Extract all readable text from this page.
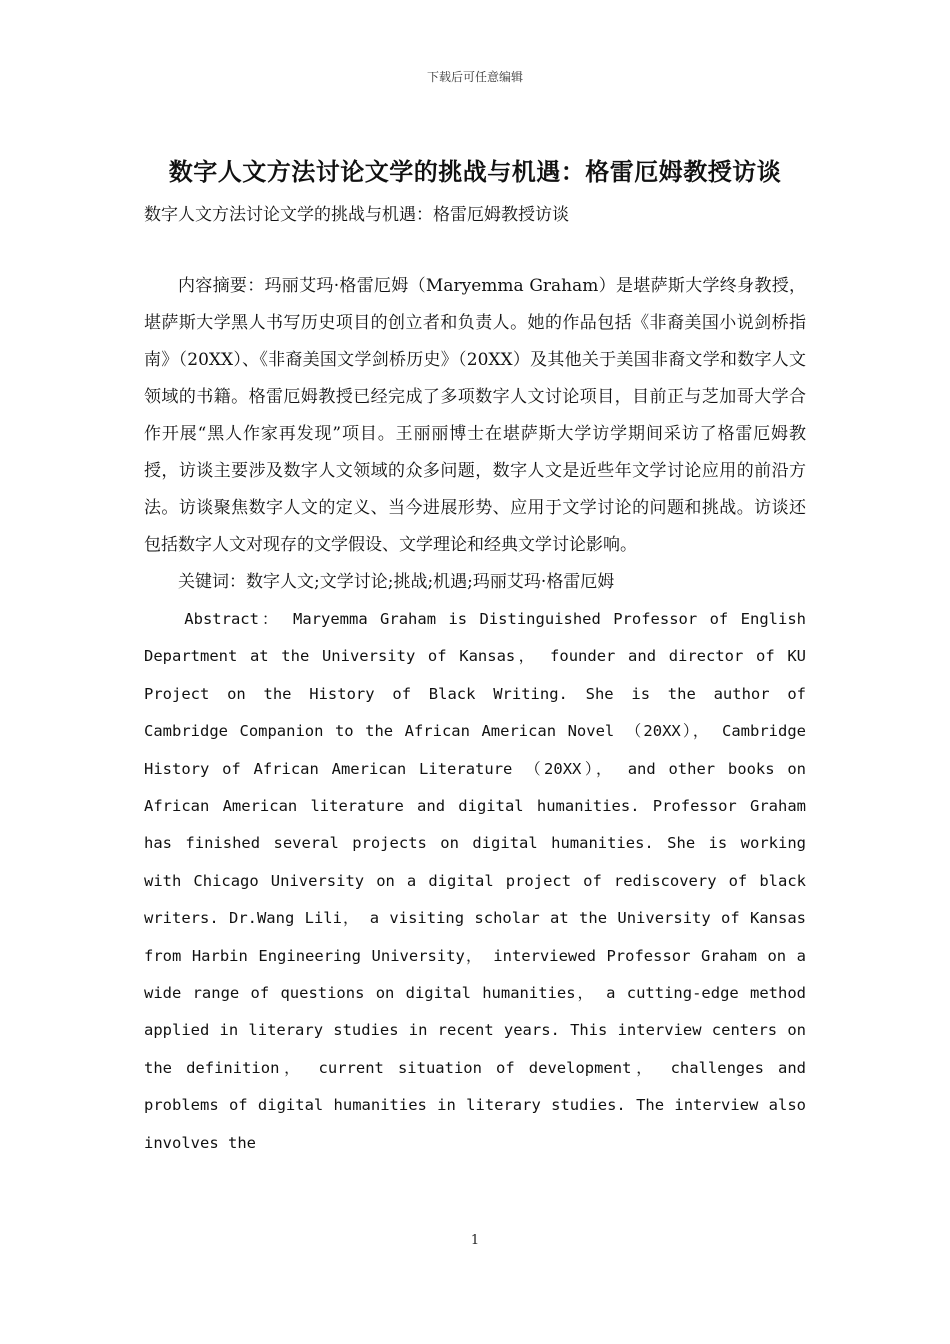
下载后可任意编辑
数字人文方法讨论文学的挑战与机遇：格雷厄姆教授访谈

数字人文方法讨论文学的挑战与机遇：格雷厄姆教授访谈

内容摘要：玛丽艾玛·格雷厄姆（Maryemma Graham）是堪萨斯大学终身教授，堪萨斯大学黑人书写历史项目的创立者和负责人。她的作品包括《非裔美国小说剑桥指南》（20XX）、《非裔美国文学剑桥历史》（20XX）及其他关于美国非裔文学和数字人文领域的书籍。格雷厄姆教授已经完成了多项数字人文讨论项目，目前正与芝加哥大学合作开展“黑人作家再发现”项目。王丽丽博士在堪萨斯大学访学期间采访了格雷厄姆教授，访谈主要涉及数字人文领域的众多问题，数字人文是近些年文学讨论应用的前沿方法。访谈聚焦数字人文的定义、当今进展形势、应用于文学讨论的问题和挑战。访谈还包括数字人文对现存的文学假设、文学理论和经典文学讨论影响。

关键词：数字人文;文学讨论;挑战;机遇;玛丽艾玛·格雷厄姆

Abstract： Maryemma Graham is Distinguished Professor of English Department at the University of Kansas， founder and director of KU Project on the History of Black Writing. She is the author of Cambridge Companion to the African American Novel （20XX）， Cambridge History of African American Literature （20XX）， and other books on African American literature and digital humanities. Professor Graham has finished several projects on digital humanities. She is working with Chicago University on a digital project of rediscovery of black writers. Dr.Wang Lili， a visiting scholar at the University of Kansas from Harbin Engineering University， interviewed Professor Graham on a wide range of questions on digital humanities， a cutting-edge method applied in literary studies in recent years. This interview centers on the definition， current situation of development， challenges and problems of digital humanities in literary studies. The interview also involves the

1
